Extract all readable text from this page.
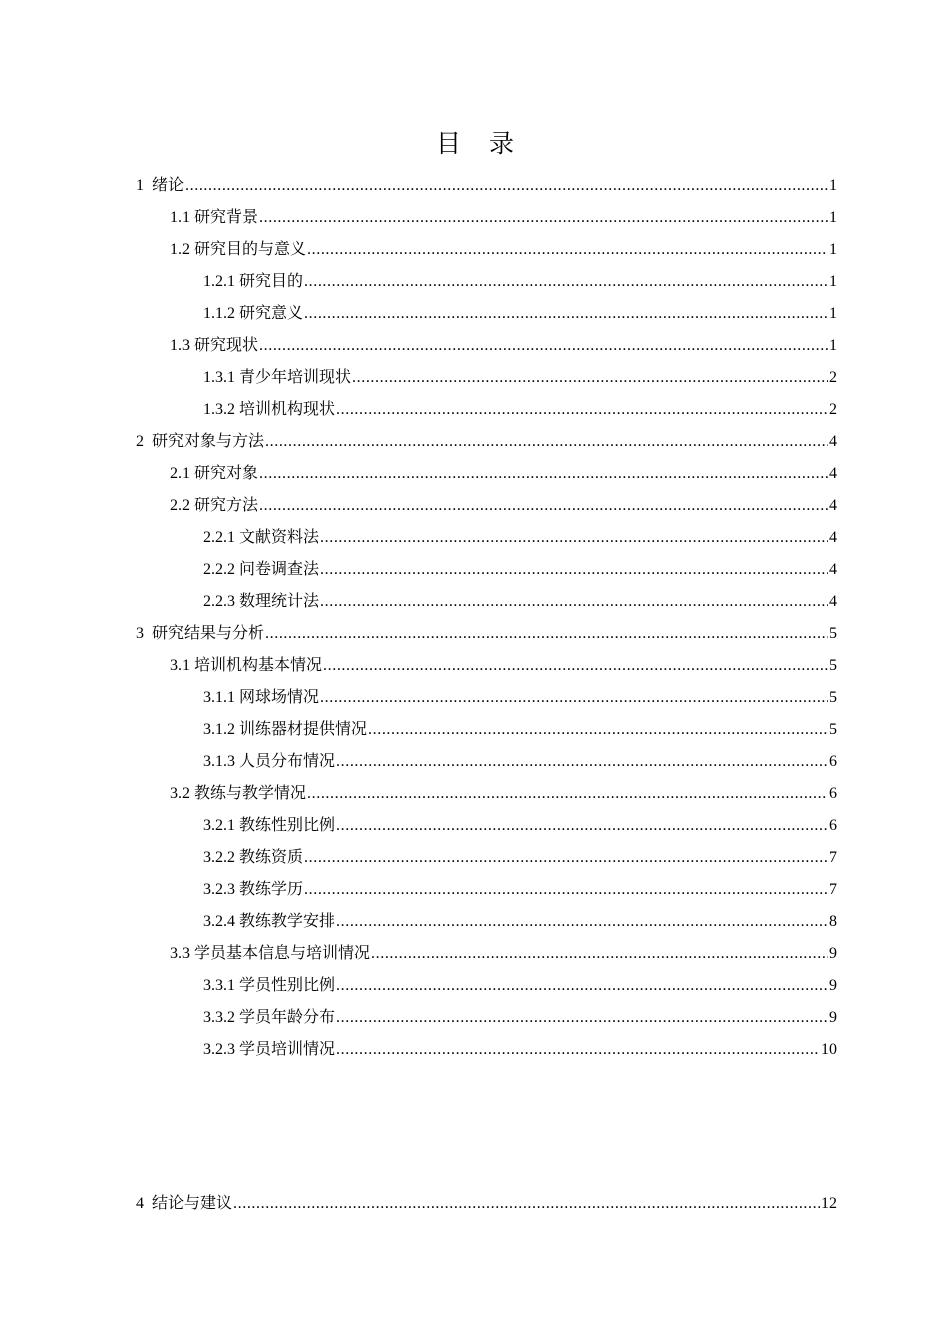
目 录
1 绪论 .....	1
1.1 研究背景 .....	1
1.2 研究目的与意义 .....	1
1.2.1 研究目的 .....	1
1.1.2 研究意义 .....	1
1.3 研究现状 .....	1
1.3.1 青少年培训现状 .....	2
1.3.2 培训机构现状 .....	2
2 研究对象与方法 .....	4
2.1 研究对象 .....	4
2.2 研究方法 .....	4
2.2.1 文献资料法 .....	4
2.2.2 问卷调查法 .....	4
2.2.3 数理统计法 .....	4
3 研究结果与分析 .....	5
3.1 培训机构基本情况 .....	5
3.1.1 网球场情况 .....	5
3.1.2 训练器材提供情况 .....	5
3.1.3 人员分布情况 .....	6
3.2 教练与教学情况 .....	6
3.2.1 教练性别比例 .....	6
3.2.2 教练资质 .....	7
3.2.3 教练学历 .....	7
3.2.4 教练教学安排 .....	8
3.3 学员基本信息与培训情况 .....	9
3.3.1 学员性别比例 .....	9
3.3.2 学员年龄分布 .....	9
3.2.3 学员培训情况 .....	10
4 结论与建议 .....	12
